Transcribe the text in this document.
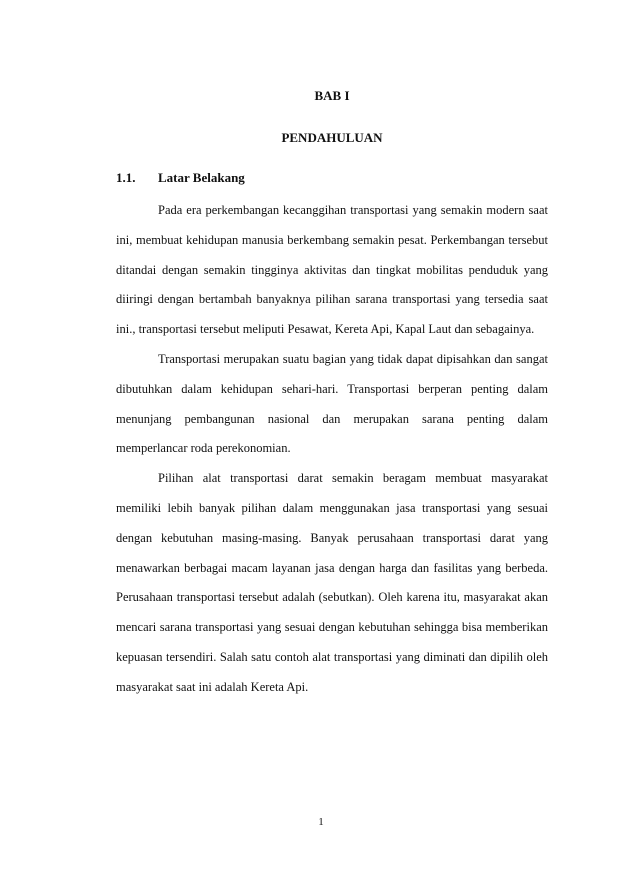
BAB I
PENDAHULUAN
1.1. Latar Belakang

Pada era perkembangan kecanggihan transportasi yang semakin modern saat ini, membuat kehidupan manusia berkembang semakin pesat. Perkembangan tersebut ditandai dengan semakin tingginya aktivitas dan tingkat mobilitas penduduk yang diiringi dengan bertambah banyaknya pilihan sarana transportasi yang tersedia saat ini., transportasi tersebut meliputi Pesawat, Kereta Api, Kapal Laut dan sebagainya.

Transportasi merupakan suatu bagian yang tidak dapat dipisahkan dan sangat dibutuhkan dalam kehidupan sehari-hari. Transportasi berperan penting dalam menunjang pembangunan nasional dan merupakan sarana penting dalam memperlancar roda perekonomian.

Pilihan alat transportasi darat semakin beragam membuat masyarakat memiliki lebih banyak pilihan dalam menggunakan jasa transportasi yang sesuai dengan kebutuhan masing-masing. Banyak perusahaan transportasi darat yang menawarkan berbagai macam layanan jasa dengan harga dan fasilitas yang berbeda. Perusahaan transportasi tersebut adalah (sebutkan). Oleh karena itu, masyarakat akan mencari sarana transportasi yang sesuai dengan kebutuhan sehingga bisa memberikan kepuasan tersendiri. Salah satu contoh alat transportasi yang diminati dan dipilih oleh masyarakat saat ini adalah Kereta Api.

1
